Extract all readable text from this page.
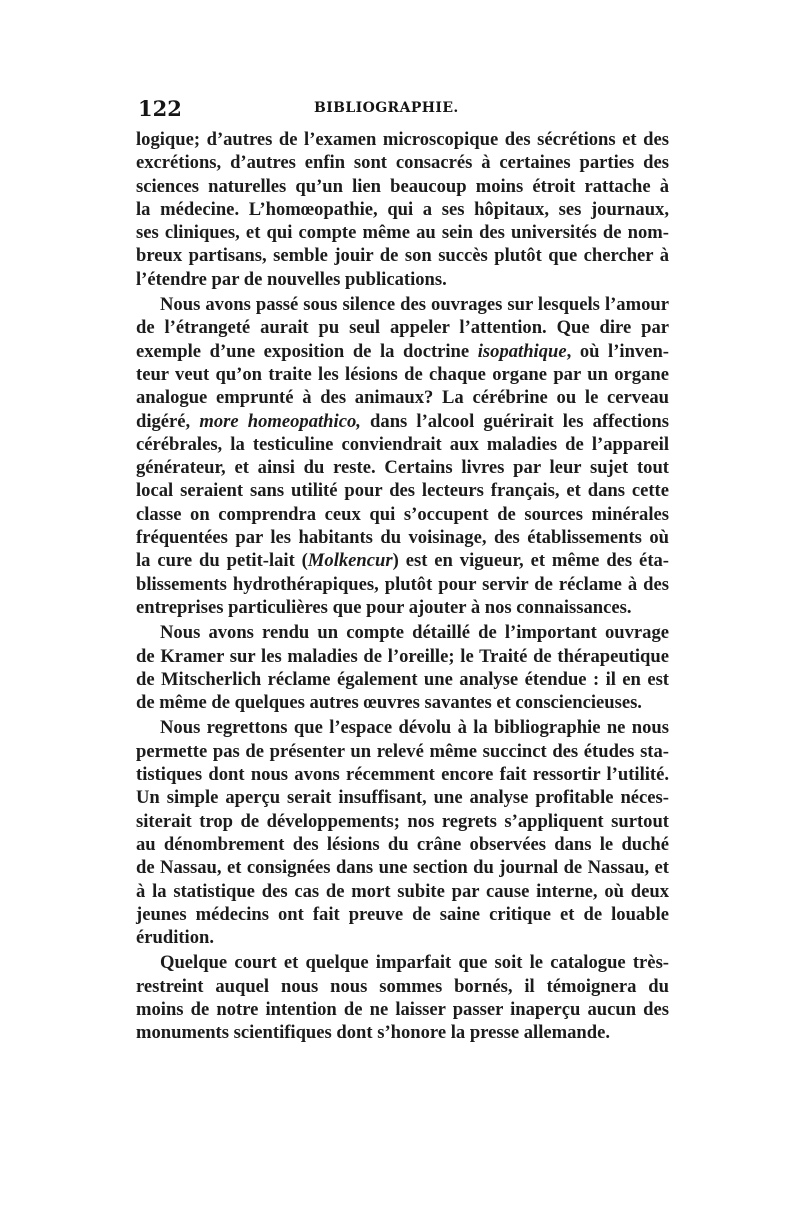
122	BIBLIOGRAPHIE.
logique; d’autres de l’examen microscopique des sécrétions et des
excrétions, d’autres enfin sont consacrés à certaines parties des
sciences naturelles qu’un lien beaucoup moins étroit rattache à
la médecine. L’homœopathie, qui a ses hôpitaux, ses journaux,
ses cliniques, et qui compte même au sein des universités de nom-
breux partisans, semble jouir de son succès plutôt que chercher à
l’étendre par de nouvelles publications.
Nous avons passé sous silence des ouvrages sur lesquels l’amour
de l’étrangeté aurait pu seul appeler l’attention. Que dire par
exemple d’une exposition de la doctrine isopathique, où l’inven-
teur veut qu’on traite les lésions de chaque organe par un organe
analogue emprunté à des animaux? La cérébrine ou le cerveau
digéré, more homeopathico, dans l’alcool guérirait les affections
cérébrales, la testiculine conviendrait aux maladies de l’appareil
générateur, et ainsi du reste. Certains livres par leur sujet tout
local seraient sans utilité pour des lecteurs français, et dans cette
classe on comprendra ceux qui s’occupent de sources minérales
fréquentées par les habitants du voisinage, des établissements où
la cure du petit-lait (Molkencur) est en vigueur, et même des éta-
blissements hydrothérapiques, plutôt pour servir de réclame à des
entreprises particulières que pour ajouter à nos connaissances.
Nous avons rendu un compte détaillé de l’important ouvrage
de Kramer sur les maladies de l’oreille; le Traité de thérapeutique
de Mitscherlich réclame également une analyse étendue : il en est
de même de quelques autres œuvres savantes et consciencieuses.
Nous regrettons que l’espace dévolu à la bibliographie ne nous
permette pas de présenter un relevé même succinct des études sta-
tistiques dont nous avons récemment encore fait ressortir l’utilité.
Un simple aperçu serait insuffisant, une analyse profitable néces-
siterait trop de développements; nos regrets s’appliquent surtout
au dénombrement des lésions du crâne observées dans le duché
de Nassau, et consignées dans une section du journal de Nassau, et
à la statistique des cas de mort subite par cause interne, où deux
jeunes médecins ont fait preuve de saine critique et de louable
érudition.
Quelque court et quelque imparfait que soit le catalogue très-
restreint auquel nous nous sommes bornés, il témoignera du
moins de notre intention de ne laisser passer inaperçu aucun des
monuments scientifiques dont s’honore la presse allemande.
